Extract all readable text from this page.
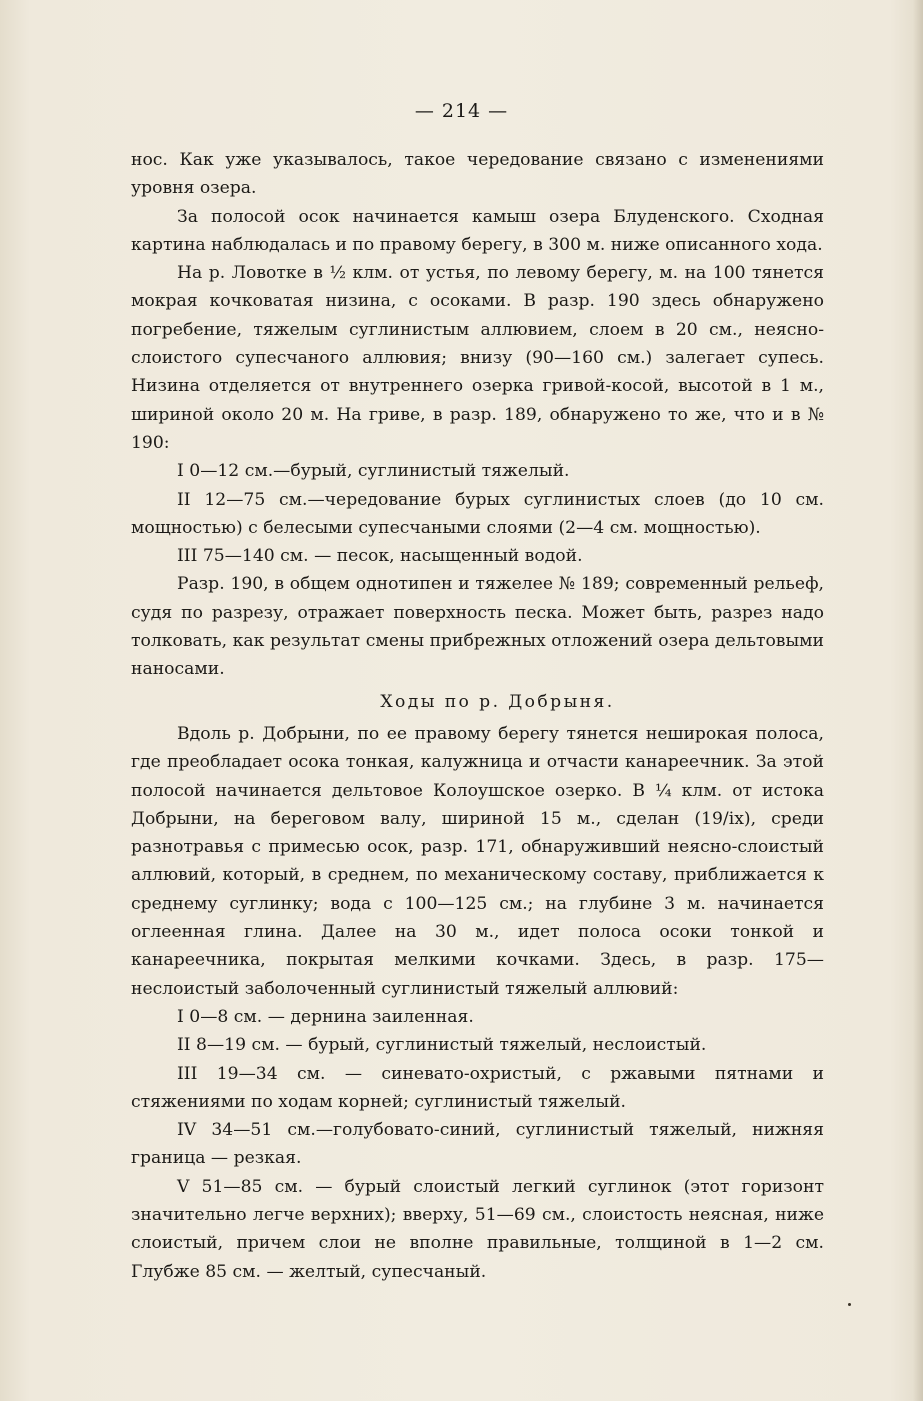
— 214 —

нос. Как уже указывалось, такое чередование связано с изменениями уровня озера.

За полосой осок начинается камыш озера Блуденского. Сходная картина наблюдалась и по правому берегу, в 300 м. ниже описанного хода.

На р. Ловотке в ½ клм. от устья, по левому берегу, м. на 100 тянется мокрая кочковатая низина, с осоками. В разр. 190 здесь обнаружено погребение, тяжелым суглинистым аллювием, слоем в 20 см., неясно-слоистого супесчаного аллювия; внизу (90—160 см.) залегает супесь. Низина отделяется от внутреннего озерка гривой-косой, высотой в 1 м., шириной около 20 м. На гриве, в разр. 189, обнаружено то же, что и в № 190:

I 0—12 см.—бурый, суглинистый тяжелый.

II 12—75 см.—чередование бурых суглинистых слоев (до 10 см. мощностью) с белесыми супесчаными слоями (2—4 см. мощностью).

III 75—140 см. — песок, насыщенный водой.

Разр. 190, в общем однотипен и тяжелее № 189; современный рельеф, судя по разрезу, отражает поверхность песка. Может быть, разрез надо толковать, как результат смены прибрежных отложений озера дельтовыми наносами.

Ходы по р. Добрыня.

Вдоль р. Добрыни, по ее правому берегу тянется неширокая полоса, где преобладает осока тонкая, калужница и отчасти канареечник. За этой полосой начинается дельтовое Колоушское озерко. В ¼ клм. от истока Добрыни, на береговом валу, шириной 15 м., сделан (19/ix), среди разнотравья с примесью осок, разр. 171, обнаруживший неясно-слоистый аллювий, который, в среднем, по механическому составу, приближается к среднему суглинку; вода с 100—125 см.; на глубине 3 м. начинается оглеенная глина. Далее на 30 м., идет полоса осоки тонкой и канареечника, покрытая мелкими кочками. Здесь, в разр. 175—неслоистый заболоченный суглинистый тяжелый аллювий:

I 0—8 см. — дернина заиленная.

II 8—19 см. — бурый, суглинистый тяжелый, неслоистый.

III 19—34 см. — синевато-охристый, с ржавыми пятнами и стяжениями по ходам корней; суглинистый тяжелый.

IV 34—51 см.—голубовато-синий, суглинистый тяжелый, нижняя граница — резкая.

V 51—85 см. — бурый слоистый легкий суглинок (этот горизонт значительно легче верхних); вверху, 51—69 см., слоистость неясная, ниже слоистый, причем слои не вполне правильные, толщиной в 1—2 см. Глубже 85 см. — желтый, супесчаный.
